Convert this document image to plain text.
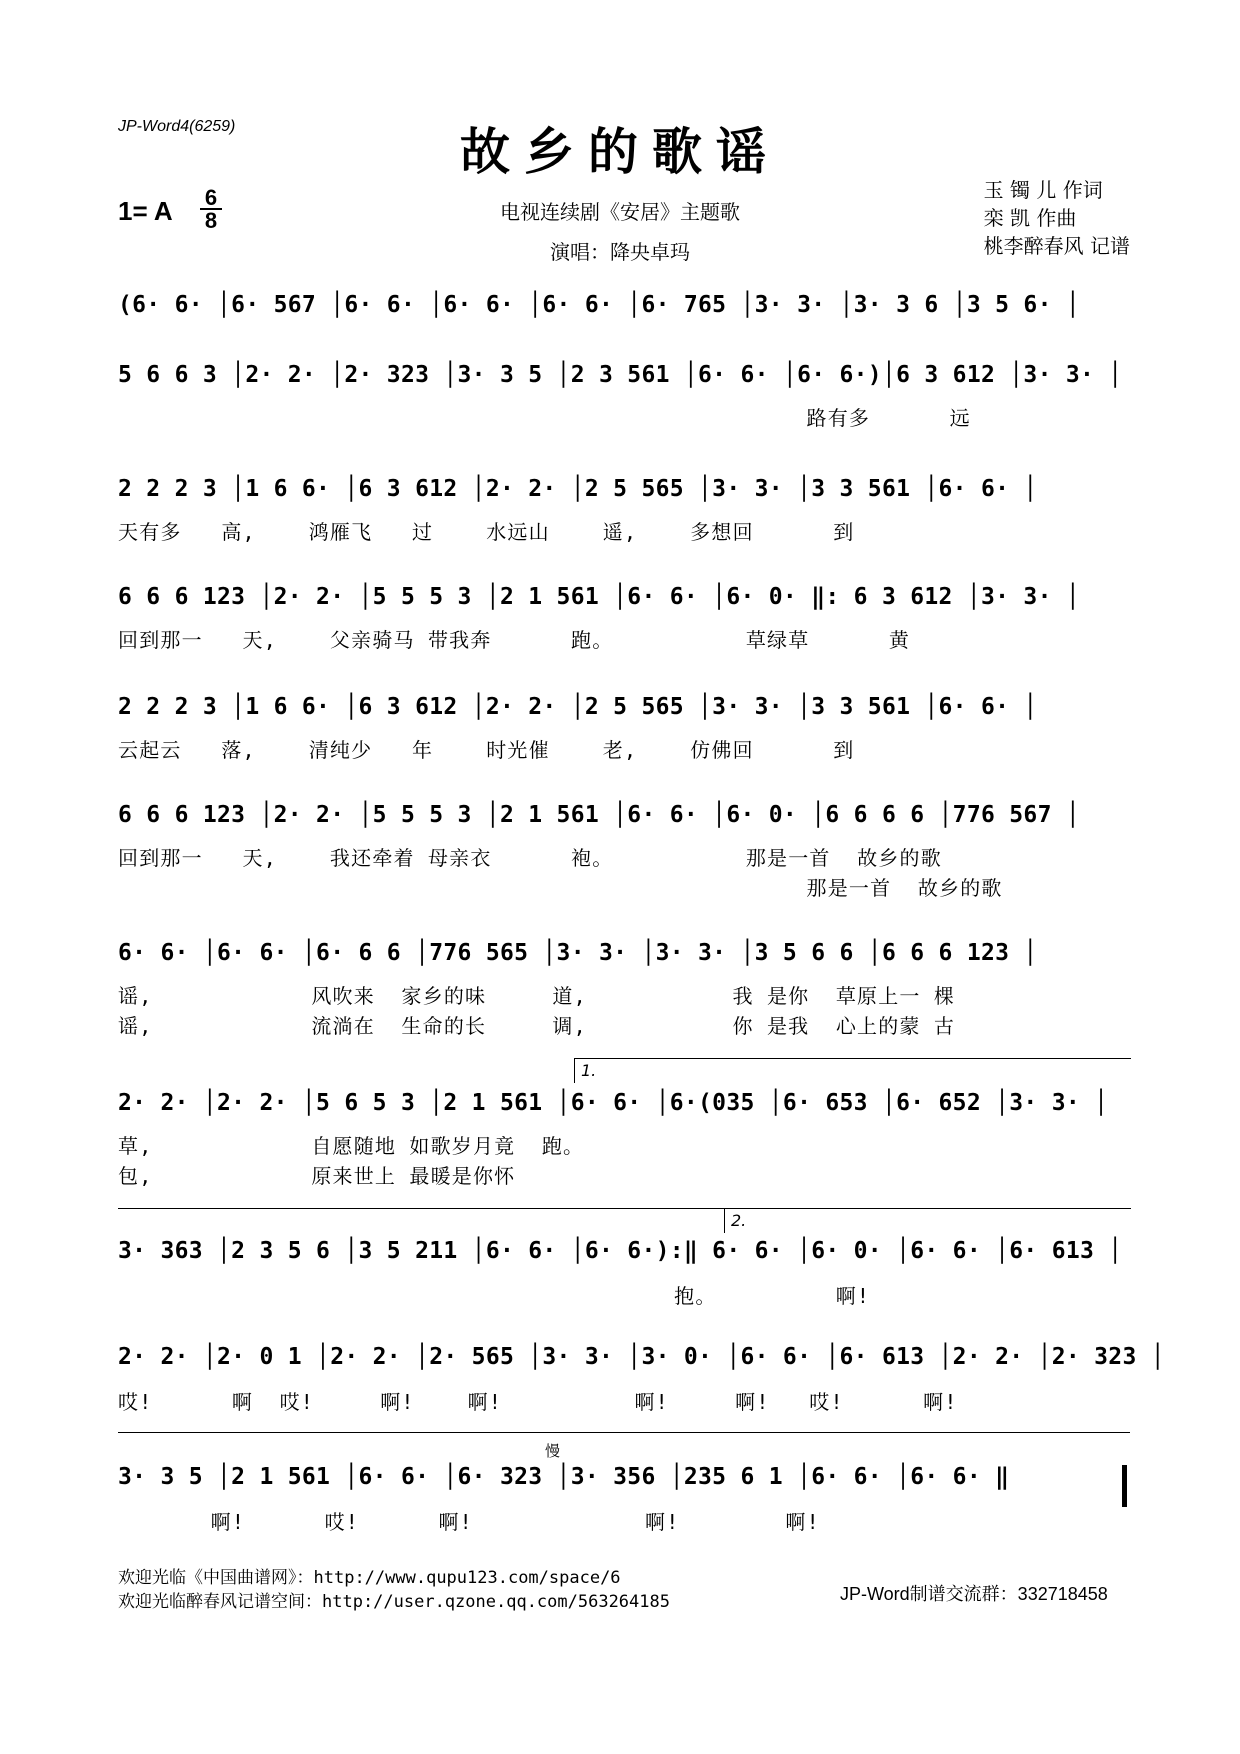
JP-Word4(6259)	故乡的歌谣
1= A 6
8	电视连续剧《安居》主题歌
演唱：降央卓玛
玉 镯 儿 作词
栾 凯 作曲
桃李醉春风 记谱
(6· 6· │6· 567 │6· 6· │6· 6· │6· 6· │6· 765 │3· 3· │3· 3 6 │3 5 6· │
5 6 6 3 │2· 2· │2· 323 │3· 3 5 │2 3 561 │6· 6· │6· 6·)│6 3 612 │3· 3· │
路有多      远
2 2 2 3 │1 6 6· │6 3 612 │2· 2· │2 5 565 │3· 3· │3 3 561 │6· 6· │
天有多   高,    鸿雁飞   过    水远山    遥,    多想回      到
6 6 6 123 │2· 2· │5 5 5 3 │2 1 561 │6· 6· │6· 0· ‖: 6 3 612 │3· 3· │
回到那一   天,    父亲骑马 带我奔      跑。          草绿草      黄
2 2 2 3 │1 6 6· │6 3 612 │2· 2· │2 5 565 │3· 3· │3 3 561 │6· 6· │
云起云   落,    清纯少   年    时光催    老,    仿佛回      到
6 6 6 123 │2· 2· │5 5 5 3 │2 1 561 │6· 6· │6· 0· │6 6 6 6 │776 567 │
回到那一   天,    我还牵着 母亲衣      袍。          那是一首  故乡的歌
那是一首  故乡的歌
6· 6· │6· 6· │6· 6 6 │776 565 │3· 3· │3· 3· │3 5 6 6 │6 6 6 123 │
谣,            风吹来  家乡的味     道,           我 是你  草原上一 棵
谣,            流淌在  生命的长     调,           你 是我  心上的蒙 古
1.
2· 2· │2· 2· │5 6 5 3 │2 1 561 │6· 6· │6·(035 │6· 653 │6· 652 │3· 3· │
草,            自愿随地 如歌岁月竟  跑。
包,            原来世上 最暖是你怀
2.
3· 363 │2 3 5 6 │3 5 211 │6· 6· │6· 6·):‖ 6· 6· │6· 0· │6· 6· │6· 613 │
抱。         啊!
2· 2· │2· 0 1 │2· 2· │2· 565 │3· 3· │3· 0· │6· 6· │6· 613 │2· 2· │2· 323 │
哎!      啊  哎!     啊!    啊!          啊!     啊!   哎!      啊!
慢
3· 3 5 │2 1 561 │6· 6· │6· 323 │3· 356 │235 6 1 │6· 6· │6· 6· ‖
啊!      哎!      啊!             啊!        啊!
欢迎光临《中国曲谱网》：http://www.qupu123.com/space/6
欢迎光临醉春风记谱空间：http://user.qzone.qq.com/563264185	JP-Word制谱交流群：332718458
